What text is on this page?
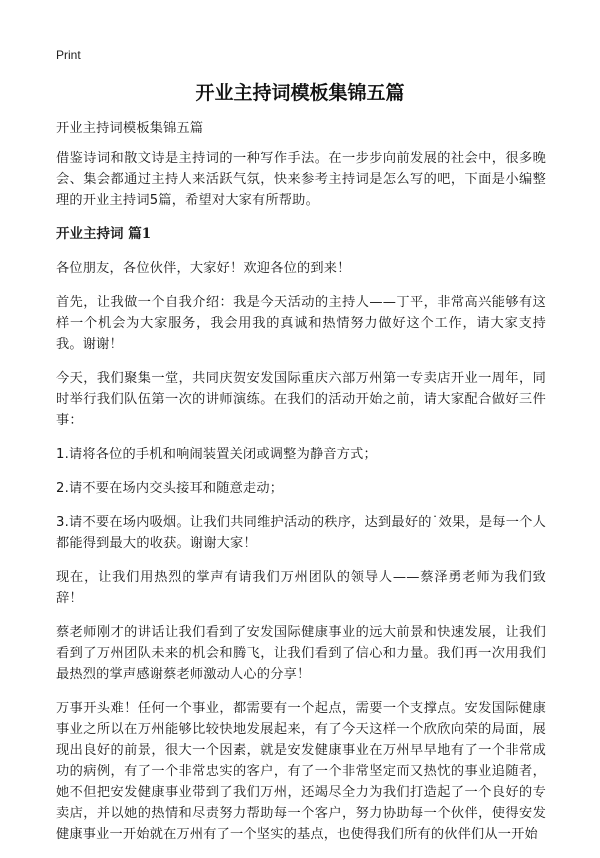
Print
开业主持词模板集锦五篇

开业主持词模板集锦五篇

借鉴诗词和散文诗是主持词的一种写作手法。在一步步向前发展的社会中，很多晚会、集会都通过主持人来活跃气氛，快来参考主持词是怎么写的吧，下面是小编整理的开业主持词5篇，希望对大家有所帮助。

开业主持词 篇1

各位朋友，各位伙伴，大家好！欢迎各位的到来！

首先，让我做一个自我介绍：我是今天活动的主持人——丁平，非常高兴能够有这样一个机会为大家服务，我会用我的真诚和热情努力做好这个工作，请大家支持我。谢谢！

今天，我们聚集一堂，共同庆贺安发国际重庆六部万州第一专卖店开业一周年，同时举行我们队伍第一次的讲师演练。在我们的活动开始之前，请大家配合做好三件事：

1.请将各位的手机和响闹装置关闭或调整为静音方式；

2.请不要在场内交头接耳和随意走动；

3.请不要在场内吸烟。让我们共同维护活动的秩序，达到最好的˙效果，是每一个人都能得到最大的收获。谢谢大家！

现在，让我们用热烈的掌声有请我们万州团队的领导人——蔡泽勇老师为我们致辞！

蔡老师刚才的讲话让我们看到了安发国际健康事业的远大前景和快速发展，让我们看到了万州团队未来的机会和腾飞，让我们看到了信心和力量。我们再一次用我们最热烈的掌声感谢蔡老师激动人心的分享！

万事开头难！任何一个事业，都需要有一个起点，需要一个支撑点。安发国际健康事业之所以在万州能够比较快地发展起来，有了今天这样一个欣欣向荣的局面，展现出良好的前景，很大一个因素，就是安发健康事业在万州早早地有了一个非常成功的病例，有了一个非常忠实的客户，有了一个非常坚定而又热忱的事业追随者，她不但把安发健康事业带到了我们万州，还竭尽全力为我们打造起了一个良好的专卖店，并以她的热情和尽责努力帮助每一个客户，努力协助每一个伙伴，使得安发健康事业一开始就在万州有了一个坚实的基点，也使得我们所有的伙伴们从一开始
